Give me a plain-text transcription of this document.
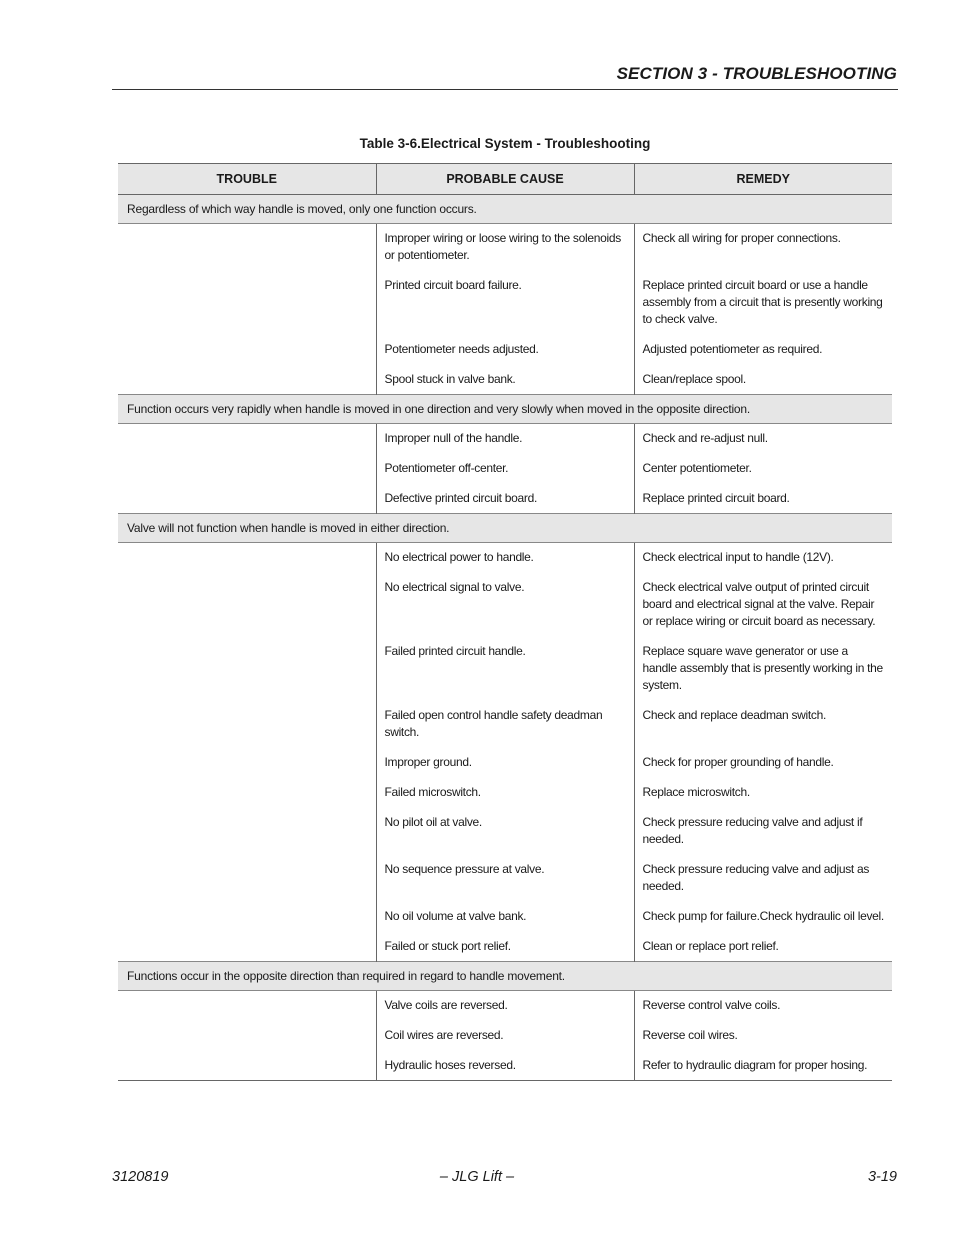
SECTION 3 - TROUBLESHOOTING
Table 3-6.Electrical System - Troubleshooting
TROUBLE	PROBABLE CAUSE	REMEDY
Regardless of which way handle is moved, only one function occurs.		

	Improper wiring or loose wiring to the solenoids or potentiometer.	Check all wiring for proper connections.

	Printed circuit board failure.	Replace printed circuit board or use a handle assembly from a circuit that is presently working to check valve.

	Potentiometer needs adjusted.	Adjusted potentiometer as required.

	Spool stuck in valve bank.	Clean/replace spool.

Function occurs very rapidly when handle is moved in one direction and very slowly when moved in the opposite direction.		

	Improper null of the handle.	Check and re-adjust null.

	Potentiometer off-center.	Center potentiometer.

	Defective printed circuit board.	Replace printed circuit board.

Valve will not function when handle is moved in either direction.		

	No electrical power to handle.	Check electrical input to handle (12V).

	No electrical signal to valve.	Check electrical valve output of printed circuit board and electrical signal at the valve. Repair or replace wiring or circuit board as necessary.

	Failed printed circuit handle.	Replace square wave generator or use a handle assembly that is presently working in the system.

	Failed open control handle safety deadman switch.	Check and replace deadman switch.

	Improper ground.	Check for proper grounding of handle.

	Failed microswitch.	Replace microswitch.

	No pilot oil at valve.	Check pressure reducing valve and adjust if needed.

	No sequence pressure at valve.	Check pressure reducing valve and adjust as needed.

	No oil volume at valve bank.	Check pump for failure.Check hydraulic oil level.

	Failed or stuck port relief.	Clean or replace port relief.

Functions occur in the opposite direction than required in regard to handle movement.		

	Valve coils are reversed.	Reverse control valve coils.

	Coil wires are reversed.	Reverse coil wires.

	Hydraulic hoses reversed.	Refer to hydraulic diagram for proper hosing.

3120819	– JLG Lift –	3-19
